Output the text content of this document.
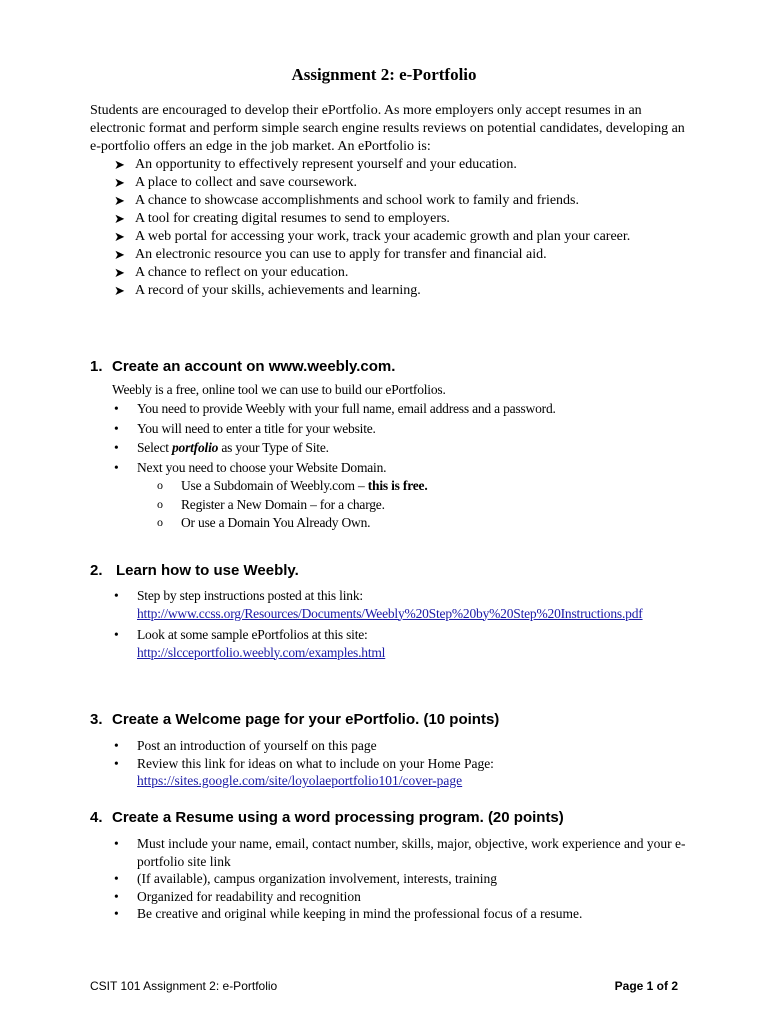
Assignment 2: e-Portfolio

Students are encouraged to develop their ePortfolio. As more employers only accept resumes in an electronic format and perform simple search engine results reviews on potential candidates, developing an e-portfolio offers an edge in the job market. An ePortfolio is:

➤ An opportunity to effectively represent yourself and your education.
➤ A place to collect and save coursework.
➤ A chance to showcase accomplishments and school work to family and friends.
➤ A tool for creating digital resumes to send to employers.
➤ A web portal for accessing your work, track your academic growth and plan your career.
➤ An electronic resource you can use to apply for transfer and financial aid.
➤ A chance to reflect on your education.
➤ A record of your skills, achievements and learning.
1. Create an account on www.weebly.com.

Weebly is a free, online tool we can use to build our ePortfolios.

• You need to provide Weebly with your full name, email address and a password.
• You will need to enter a title for your website.
• Select portfolio as your Type of Site.
• Next you need to choose your Website Domain.
o Use a Subdomain of Weebly.com – this is free.
o Register a New Domain – for a charge.
o Or use a Domain You Already Own.
2. Learn how to use Weebly.
• Step by step instructions posted at this link:
http://www.ccss.org/Resources/Documents/Weebly%20Step%20by%20Step%20Instructions.pdf
• Look at some sample ePortfolios at this site:
http://slcceportfolio.weebly.com/examples.html
3. Create a Welcome page for your ePortfolio. (10 points)
• Post an introduction of yourself on this page
• Review this link for ideas on what to include on your Home Page:
https://sites.google.com/site/loyolaeportfolio101/cover-page
4. Create a Resume using a word processing program. (20 points)
• Must include your name, email, contact number, skills, major, objective, work experience and your e-portfolio site link
• (If available), campus organization involvement, interests, training
• Organized for readability and recognition
• Be creative and original while keeping in mind the professional focus of a resume.
CSIT 101 Assignment 2: e-Portfolio	Page 1 of 2
